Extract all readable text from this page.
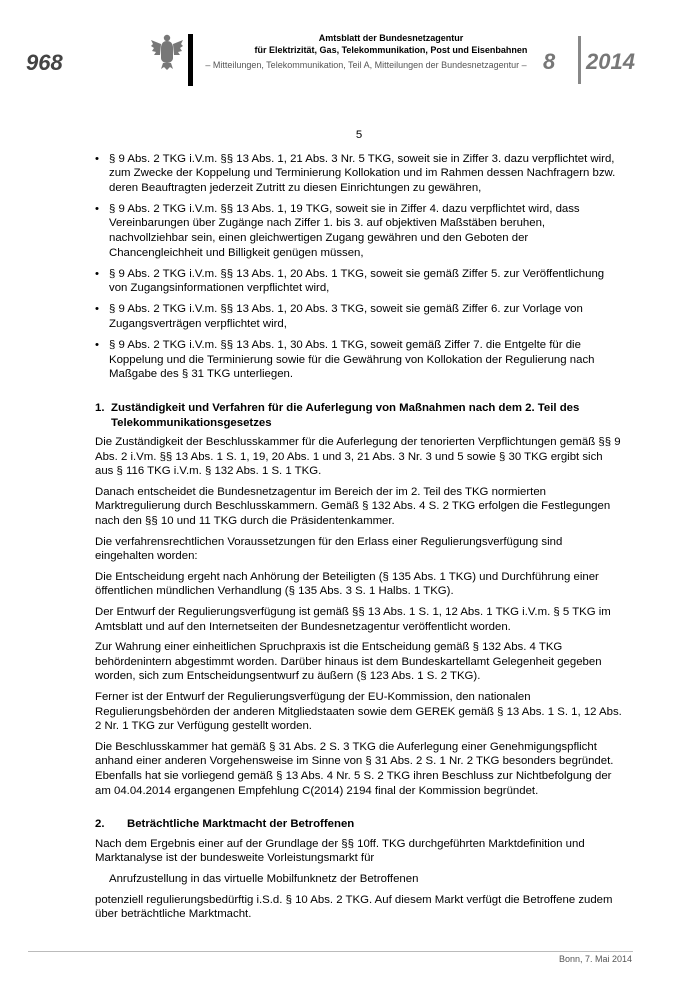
968
Amtsblatt der Bundesnetzagentur
für Elektrizität, Gas, Telekommunikation, Post und Eisenbahnen
– Mitteilungen, Telekommunikation, Teil A, Mitteilungen der Bundesnetzagentur – 8 2014
5
• § 9 Abs. 2 TKG i.V.m. §§ 13 Abs. 1, 21 Abs. 3 Nr. 5 TKG, soweit sie in Ziffer 3. dazu verpflichtet wird, zum Zwecke der Koppelung und Terminierung Kollokation und im Rahmen dessen Nachfragern bzw. deren Beauftragten jederzeit Zutritt zu diesen Einrichtungen zu gewähren,
• § 9 Abs. 2 TKG i.V.m. §§ 13 Abs. 1, 19 TKG, soweit sie in Ziffer 4. dazu verpflichtet wird, dass Vereinbarungen über Zugänge nach Ziffer 1. bis 3. auf objektiven Maßstäben beruhen, nachvollziehbar sein, einen gleichwertigen Zugang gewähren und den Geboten der Chancengleichheit und Billigkeit genügen müssen,
• § 9 Abs. 2 TKG i.V.m. §§ 13 Abs. 1, 20 Abs. 1 TKG, soweit sie gemäß Ziffer 5. zur Veröffentlichung von Zugangsinformationen verpflichtet wird,
• § 9 Abs. 2 TKG i.V.m. §§ 13 Abs. 1, 20 Abs. 3 TKG, soweit sie gemäß Ziffer 6. zur Vorlage von Zugangsverträgen verpflichtet wird,
• § 9 Abs. 2 TKG i.V.m. §§ 13 Abs. 1, 30 Abs. 1 TKG, soweit gemäß Ziffer 7. die Entgelte für die Koppelung und die Terminierung sowie für die Gewährung von Kollokation der Regulierung nach Maßgabe des § 31 TKG unterliegen.
1. Zuständigkeit und Verfahren für die Auferlegung von Maßnahmen nach dem 2. Teil des Telekommunikationsgesetzes

Die Zuständigkeit der Beschlusskammer für die Auferlegung der tenorierten Verpflichtungen gemäß §§ 9 Abs. 2 i.Vm. §§ 13 Abs. 1 S. 1, 19, 20 Abs. 1 und 3, 21 Abs. 3 Nr. 3 und 5 sowie § 30 TKG ergibt sich aus § 116 TKG i.V.m. § 132 Abs. 1 S. 1 TKG.

Danach entscheidet die Bundesnetzagentur im Bereich der im 2. Teil des TKG normierten Marktregulierung durch Beschlusskammern. Gemäß § 132 Abs. 4 S. 2 TKG erfolgen die Festlegungen nach den §§ 10 und 11 TKG durch die Präsidentenkammer.

Die verfahrensrechtlichen Voraussetzungen für den Erlass einer Regulierungsverfügung sind eingehalten worden:

Die Entscheidung ergeht nach Anhörung der Beteiligten (§ 135 Abs. 1 TKG) und Durchführung einer öffentlichen mündlichen Verhandlung (§ 135 Abs. 3 S. 1 Halbs. 1 TKG).

Der Entwurf der Regulierungsverfügung ist gemäß §§ 13 Abs. 1 S. 1, 12 Abs. 1 TKG i.V.m. § 5 TKG im Amtsblatt und auf den Internetseiten der Bundesnetzagentur veröffentlicht worden.

Zur Wahrung einer einheitlichen Spruchpraxis ist die Entscheidung gemäß § 132 Abs. 4 TKG behördenintern abgestimmt worden. Darüber hinaus ist dem Bundeskartellamt Gelegenheit gegeben worden, sich zum Entscheidungsentwurf zu äußern (§ 123 Abs. 1 S. 2 TKG).

Ferner ist der Entwurf der Regulierungsverfügung der EU-Kommission, den nationalen Regulierungsbehörden der anderen Mitgliedstaaten sowie dem GEREK gemäß § 13 Abs. 1 S. 1, 12 Abs. 2 Nr. 1 TKG zur Verfügung gestellt worden.

Die Beschlusskammer hat gemäß § 31 Abs. 2 S. 3 TKG die Auferlegung einer Genehmigungspflicht anhand einer anderen Vorgehensweise im Sinne von § 31 Abs. 2 S. 1 Nr. 2 TKG besonders begründet. Ebenfalls hat sie vorliegend gemäß § 13 Abs. 4 Nr. 5 S. 2 TKG ihren Beschluss zur Nichtbefolgung der am 04.04.2014 ergangenen Empfehlung C(2014) 2194 final der Kommission begründet.

2.	Beträchtliche Marktmacht der Betroffenen

Nach dem Ergebnis einer auf der Grundlage der §§ 10ff. TKG durchgeführten Marktdefinition und Marktanalyse ist der bundesweite Vorleistungsmarkt für

Anrufzustellung in das virtuelle Mobilfunknetz der Betroffenen

potenziell regulierungsbedürftig i.S.d. § 10 Abs. 2 TKG. Auf diesem Markt verfügt die Betroffene zudem über beträchtliche Marktmacht.

Bonn, 7. Mai 2014
